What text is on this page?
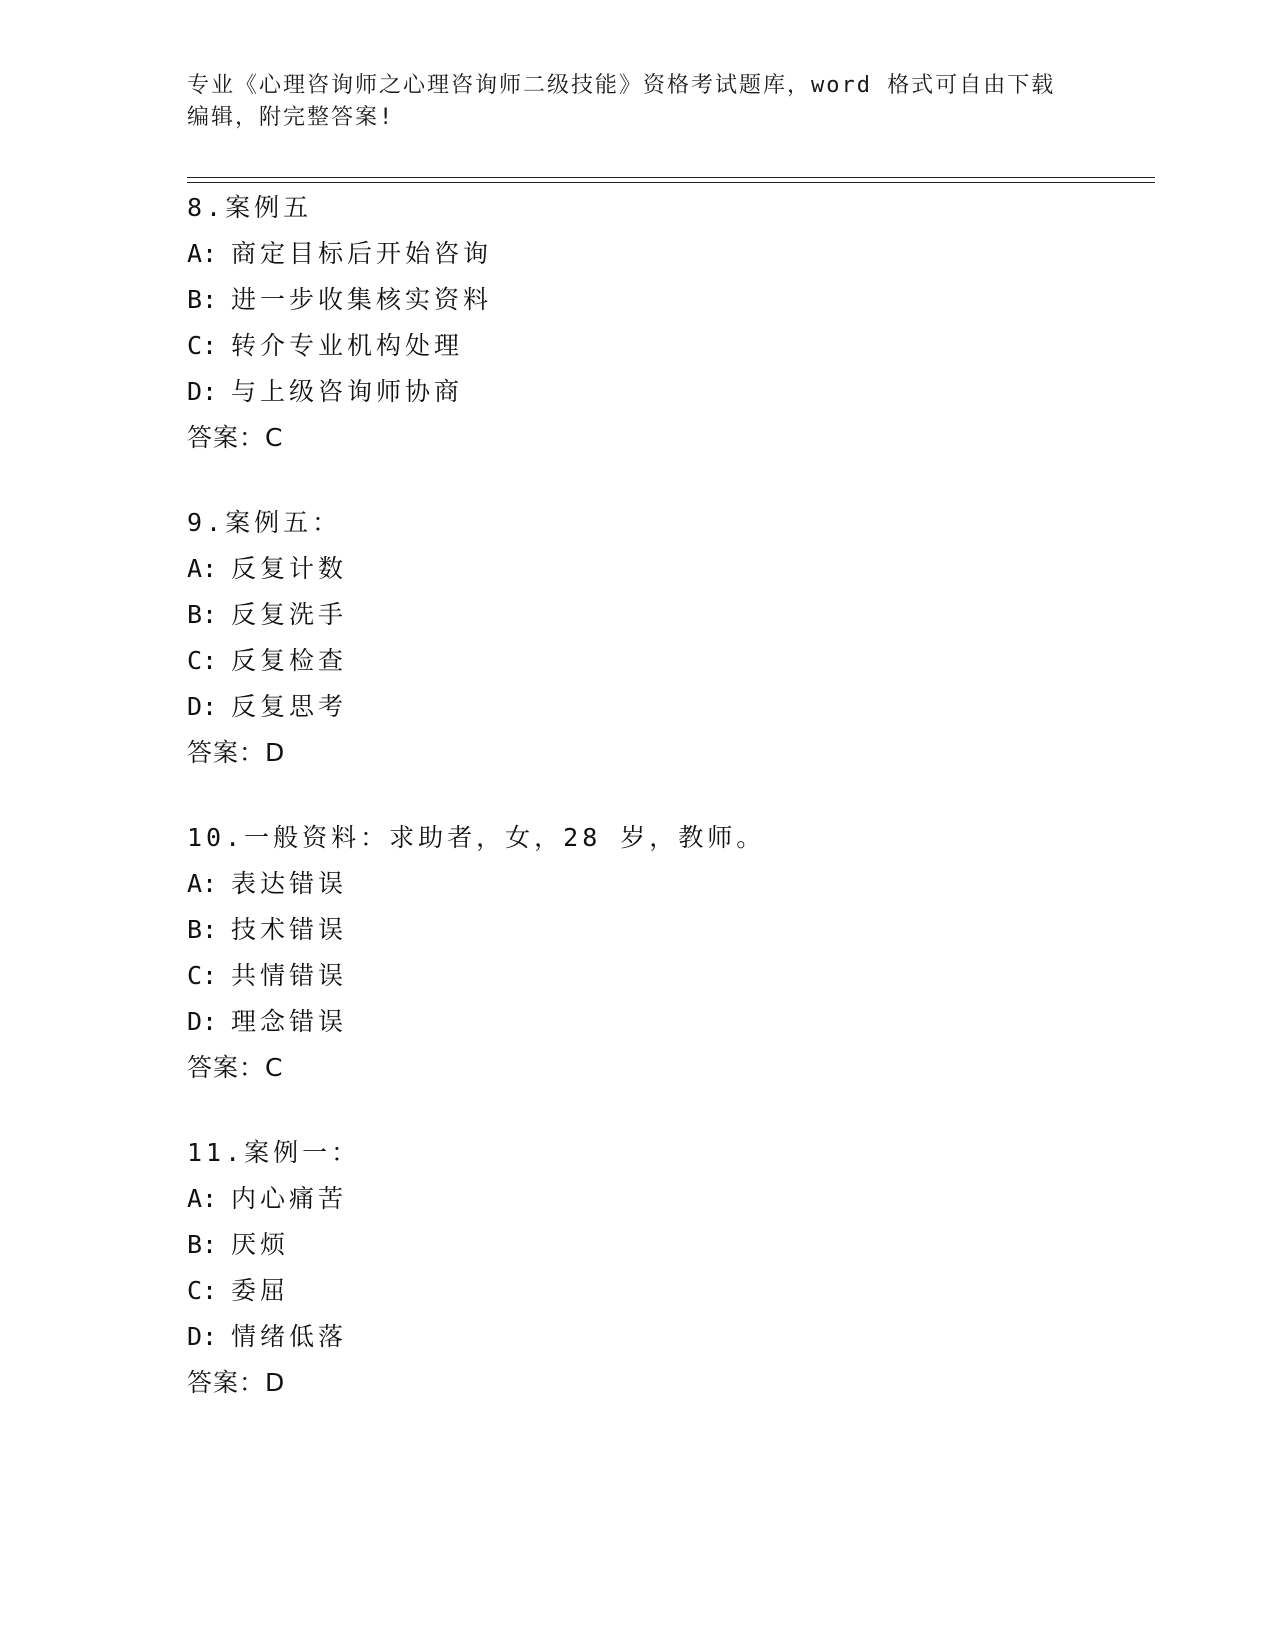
专业《心理咨询师之心理咨询师二级技能》资格考试题库，word 格式可自由下载
编辑，附完整答案!
8.案例五
A: 商定目标后开始咨询
B: 进一步收集核实资料
C: 转介专业机构处理
D: 与上级咨询师协商
答案：C
9.案例五：
A: 反复计数
B: 反复洗手
C: 反复检查
D: 反复思考
答案：D
10.一般资料：求助者，女，28 岁，教师。
A: 表达错误
B: 技术错误
C: 共情错误
D: 理念错误
答案：C
11.案例一：
A: 内心痛苦
B: 厌烦
C: 委屈
D: 情绪低落
答案：D
